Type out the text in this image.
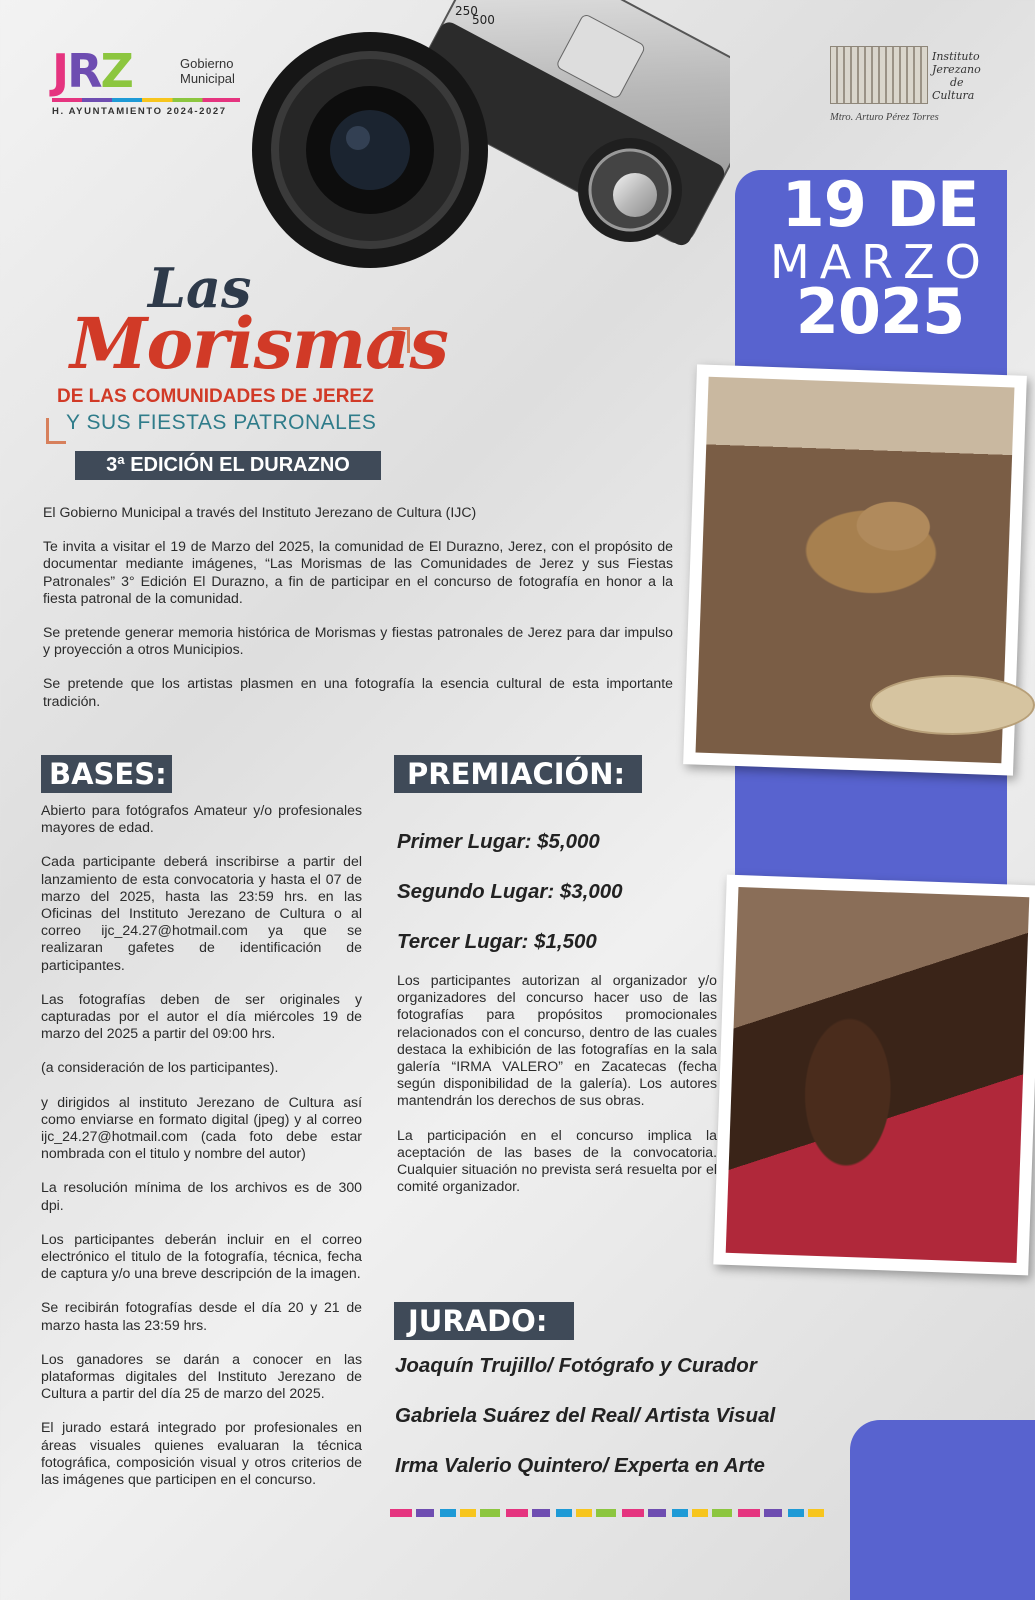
JRZ	Gobierno
Municipal
H. AYUNTAMIENTO 2024-2027
Instituto
Jerezano
de
Cultura
Mtro. Arturo Pérez Torres
250
500
19 DE
MARZO
2025
Las
Morismas
DE LAS COMUNIDADES DE JEREZ
Y SUS FIESTAS PATRONALES
3ª EDICIÓN EL DURAZNO

El Gobierno Municipal a través del Instituto Jerezano de Cultura (IJC)

Te invita a visitar el 19 de Marzo del 2025, la comunidad de El Durazno, Jerez, con el propósito de documentar mediante imágenes, “Las Morismas de las Comunidades de Jerez y sus Fiestas Patronales” 3° Edición El Durazno, a fin de participar en el concurso de fotografía en honor a la fiesta patronal de la comunidad.

Se pretende generar memoria histórica de Morismas y fiestas patronales de Jerez para dar impulso y proyección a otros Municipios.

Se pretende que los artistas plasmen en una fotografía la esencia cultural de esta importante tradición.

BASES:

Abierto para fotógrafos Amateur y/o profesionales mayores de edad.

Cada participante deberá inscribirse a partir del lanzamiento de esta convocatoria y hasta el 07 de marzo del 2025, hasta las 23:59 hrs. en las Oficinas del Instituto Jerezano de Cultura o al correo ijc_24.27@hotmail.com ya que se realizaran gafetes de identificación de participantes.

Las fotografías deben de ser originales y capturadas por el autor el día miércoles 19 de marzo del 2025 a partir del 09:00 hrs.

(a consideración de los participantes).

y dirigidos al instituto Jerezano de Cultura así como enviarse en formato digital (jpeg) y al correo ijc_24.27@hotmail.com (cada foto debe estar nombrada con el titulo y nombre del autor)

La resolución mínima de los archivos es de 300 dpi.

Los participantes deberán incluir en el correo electrónico el titulo de la fotografía, técnica, fecha de captura y/o una breve descripción de la imagen.

Se recibirán fotografías desde el día 20 y 21 de marzo hasta las 23:59 hrs.

Los ganadores se darán a conocer en las plataformas digitales del Instituto Jerezano de Cultura a partir del día 25 de marzo del 2025.

El jurado estará integrado por profesionales en áreas visuales quienes evaluaran la técnica fotográfica, composición visual y otros criterios de las imágenes que participen en el concurso.

PREMIACIÓN:
Primer Lugar: $5,000
Segundo Lugar: $3,000
Tercer Lugar: $1,500

Los participantes autorizan al organizador y/o organizadores del concurso hacer uso de las fotografías para propósitos promocionales relacionados con el concurso, dentro de las cuales destaca la exhibición de las fotografías en la sala galería “IRMA VALERO” en Zacatecas (fecha según disponibilidad de la galería). Los autores mantendrán los derechos de sus obras.

La participación en el concurso implica la aceptación de las bases de la convocatoria. Cualquier situación no prevista será resuelta por el comité organizador.

JURADO:
Joaquín Trujillo/ Fotógrafo y Curador
Gabriela Suárez del Real/ Artista Visual
Irma Valerio Quintero/ Experta en Arte
